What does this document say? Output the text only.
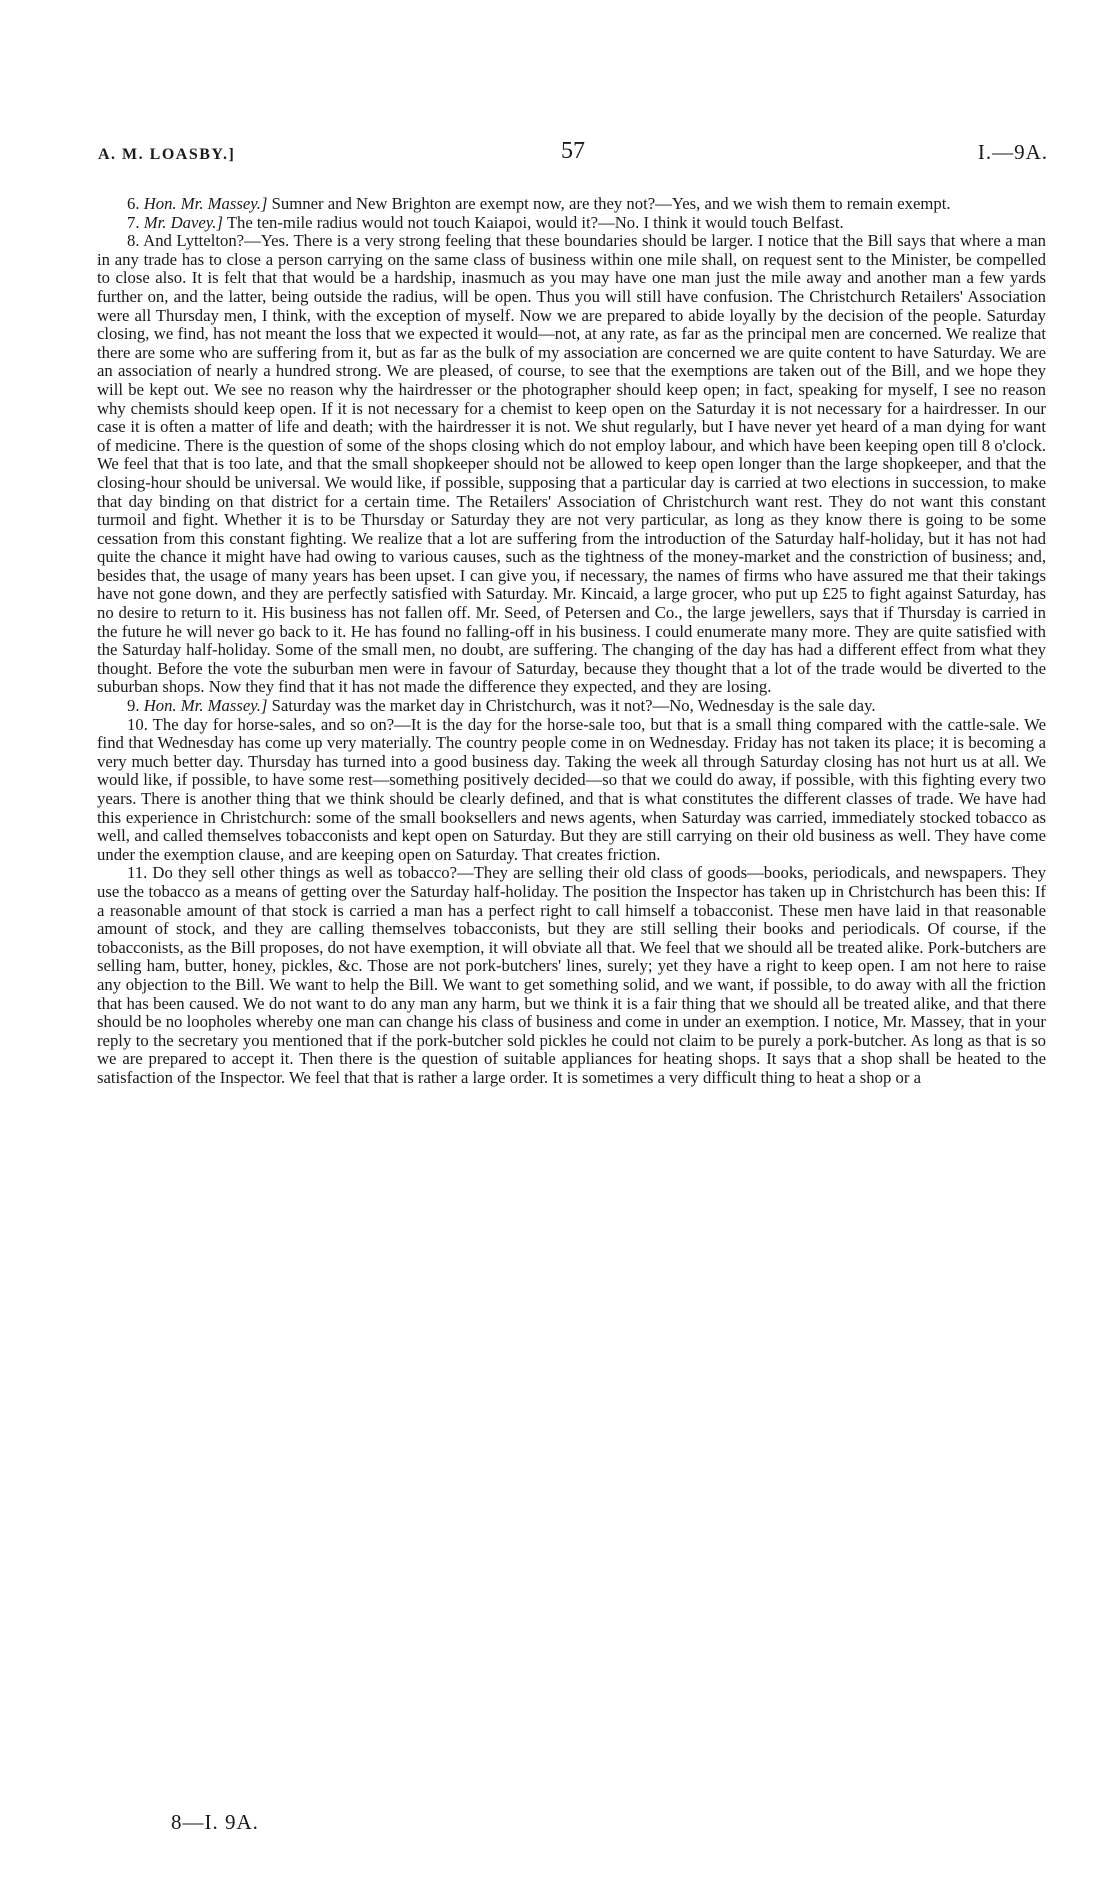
A. M. LOASBY.]	57	I.—9A.

6. Hon. Mr. Massey.] Sumner and New Brighton are exempt now, are they not?—Yes, and we wish them to remain exempt.

7. Mr. Davey.] The ten-mile radius would not touch Kaiapoi, would it?—No. I think it would touch Belfast.

8. And Lyttelton?—Yes. There is a very strong feeling that these boundaries should be larger. I notice that the Bill says that where a man in any trade has to close a person carrying on the same class of business within one mile shall, on request sent to the Minister, be compelled to close also. It is felt that that would be a hardship, inasmuch as you may have one man just the mile away and another man a few yards further on, and the latter, being outside the radius, will be open. Thus you will still have confusion. The Christchurch Retailers' Association were all Thursday men, I think, with the exception of myself. Now we are prepared to abide loyally by the decision of the people. Saturday closing, we find, has not meant the loss that we expected it would—not, at any rate, as far as the principal men are concerned. We realize that there are some who are suffering from it, but as far as the bulk of my association are concerned we are quite content to have Saturday. We are an association of nearly a hundred strong. We are pleased, of course, to see that the exemptions are taken out of the Bill, and we hope they will be kept out. We see no reason why the hairdresser or the photographer should keep open; in fact, speaking for myself, I see no reason why chemists should keep open. If it is not necessary for a chemist to keep open on the Saturday it is not necessary for a hairdresser. In our case it is often a matter of life and death; with the hairdresser it is not. We shut regularly, but I have never yet heard of a man dying for want of medicine. There is the question of some of the shops closing which do not employ labour, and which have been keeping open till 8 o'clock. We feel that that is too late, and that the small shopkeeper should not be allowed to keep open longer than the large shopkeeper, and that the closing-hour should be universal. We would like, if possible, supposing that a particular day is carried at two elections in succession, to make that day binding on that district for a certain time. The Retailers' Association of Christchurch want rest. They do not want this constant turmoil and fight. Whether it is to be Thursday or Saturday they are not very particular, as long as they know there is going to be some cessation from this constant fighting. We realize that a lot are suffering from the introduction of the Saturday half-holiday, but it has not had quite the chance it might have had owing to various causes, such as the tightness of the money-market and the constriction of business; and, besides that, the usage of many years has been upset. I can give you, if necessary, the names of firms who have assured me that their takings have not gone down, and they are perfectly satisfied with Saturday. Mr. Kincaid, a large grocer, who put up £25 to fight against Saturday, has no desire to return to it. His business has not fallen off. Mr. Seed, of Petersen and Co., the large jewellers, says that if Thursday is carried in the future he will never go back to it. He has found no falling-off in his business. I could enumerate many more. They are quite satisfied with the Saturday half-holiday. Some of the small men, no doubt, are suffering. The changing of the day has had a different effect from what they thought. Before the vote the suburban men were in favour of Saturday, because they thought that a lot of the trade would be diverted to the suburban shops. Now they find that it has not made the difference they expected, and they are losing.

9. Hon. Mr. Massey.] Saturday was the market day in Christchurch, was it not?—No, Wednesday is the sale day.

10. The day for horse-sales, and so on?—It is the day for the horse-sale too, but that is a small thing compared with the cattle-sale. We find that Wednesday has come up very materially. The country people come in on Wednesday. Friday has not taken its place; it is becoming a very much better day. Thursday has turned into a good business day. Taking the week all through Saturday closing has not hurt us at all. We would like, if possible, to have some rest—something positively decided—so that we could do away, if possible, with this fighting every two years. There is another thing that we think should be clearly defined, and that is what constitutes the different classes of trade. We have had this experience in Christchurch: some of the small booksellers and news agents, when Saturday was carried, immediately stocked tobacco as well, and called themselves tobacconists and kept open on Saturday. But they are still carrying on their old business as well. They have come under the exemption clause, and are keeping open on Saturday. That creates friction.

11. Do they sell other things as well as tobacco?—They are selling their old class of goods—books, periodicals, and newspapers. They use the tobacco as a means of getting over the Saturday half-holiday. The position the Inspector has taken up in Christchurch has been this: If a reasonable amount of that stock is carried a man has a perfect right to call himself a tobacconist. These men have laid in that reasonable amount of stock, and they are calling themselves tobacconists, but they are still selling their books and periodicals. Of course, if the tobacconists, as the Bill proposes, do not have exemption, it will obviate all that. We feel that we should all be treated alike. Pork-butchers are selling ham, butter, honey, pickles, &c. Those are not pork-butchers' lines, surely; yet they have a right to keep open. I am not here to raise any objection to the Bill. We want to help the Bill. We want to get something solid, and we want, if possible, to do away with all the friction that has been caused. We do not want to do any man any harm, but we think it is a fair thing that we should all be treated alike, and that there should be no loopholes whereby one man can change his class of business and come in under an exemption. I notice, Mr. Massey, that in your reply to the secretary you mentioned that if the pork-butcher sold pickles he could not claim to be purely a pork-butcher. As long as that is so we are prepared to accept it. Then there is the question of suitable appliances for heating shops. It says that a shop shall be heated to the satisfaction of the Inspector. We feel that that is rather a large order. It is sometimes a very difficult thing to heat a shop or a

8—I. 9A.
